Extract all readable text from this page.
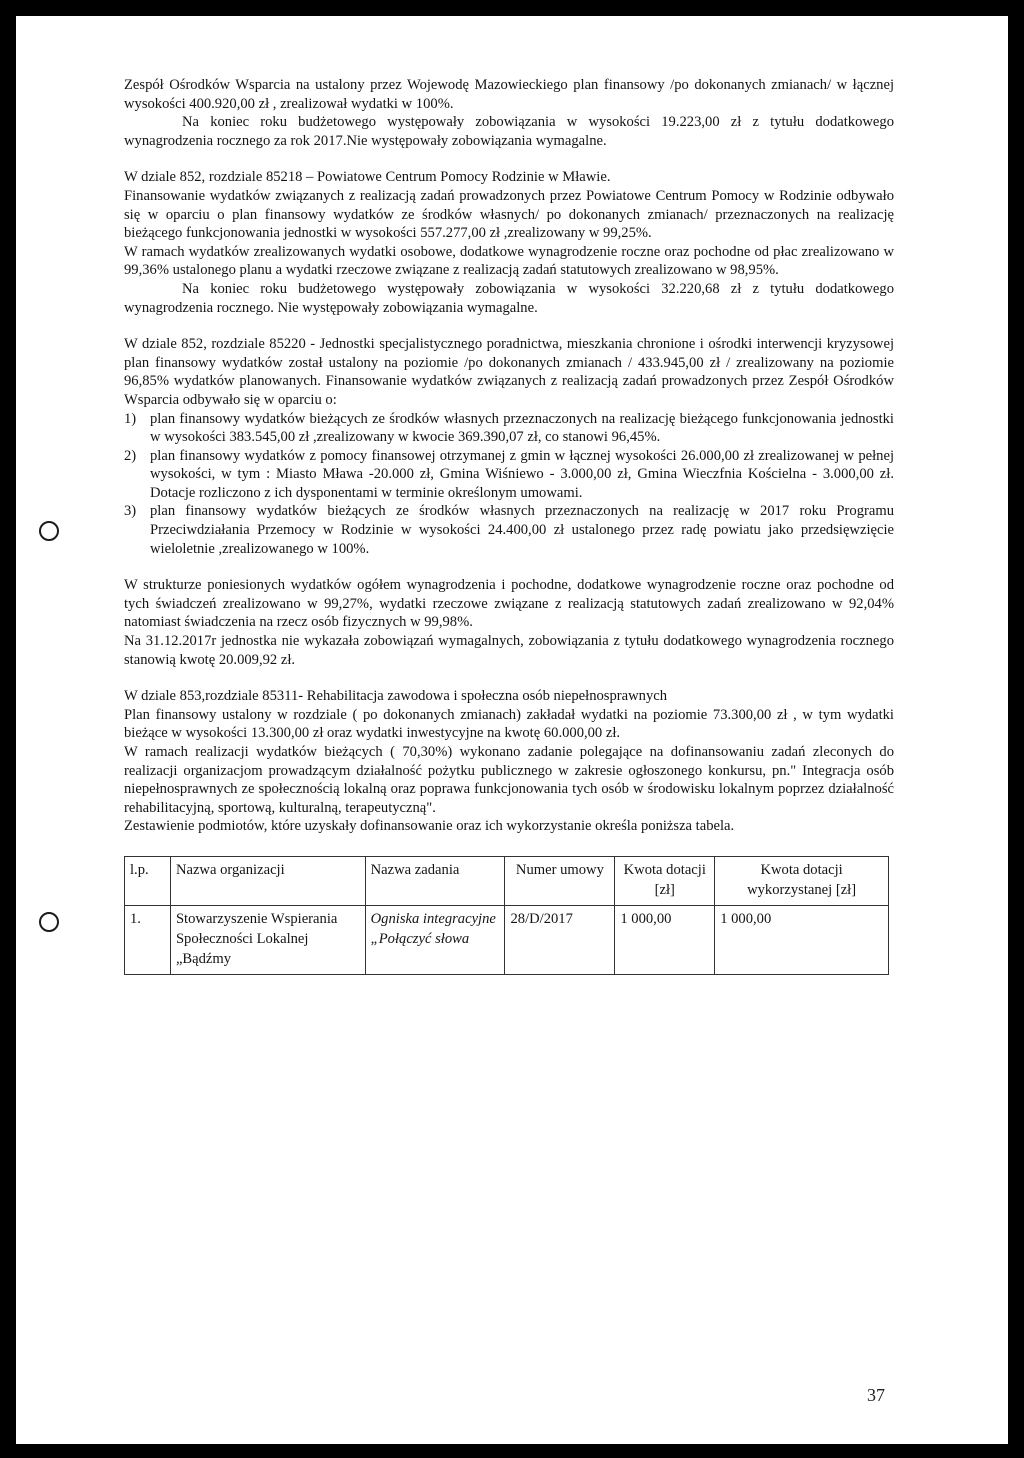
Zespół Ośrodków Wsparcia na ustalony przez Wojewodę Mazowieckiego plan finansowy /po dokonanych zmianach/ w łącznej wysokości 400.920,00 zł , zrealizował wydatki w 100%.

Na koniec roku budżetowego występowały zobowiązania w wysokości 19.223,00 zł z tytułu dodatkowego wynagrodzenia rocznego za rok 2017.Nie występowały zobowiązania wymagalne.

W dziale 852, rozdziale 85218 – Powiatowe Centrum Pomocy Rodzinie w Mławie.

Finansowanie wydatków związanych z realizacją zadań prowadzonych przez Powiatowe Centrum Pomocy w Rodzinie odbywało się w oparciu o plan finansowy wydatków ze środków własnych/ po dokonanych zmianach/ przeznaczonych na realizację bieżącego funkcjonowania jednostki w wysokości 557.277,00 zł ,zrealizowany w 99,25%.

W ramach wydatków zrealizowanych wydatki osobowe, dodatkowe wynagrodzenie roczne oraz pochodne od płac zrealizowano w 99,36% ustalonego planu a wydatki rzeczowe związane z realizacją zadań statutowych zrealizowano w 98,95%.

Na koniec roku budżetowego występowały zobowiązania w wysokości 32.220,68 zł z tytułu dodatkowego wynagrodzenia rocznego. Nie występowały zobowiązania wymagalne.

W dziale 852, rozdziale 85220 - Jednostki specjalistycznego poradnictwa, mieszkania chronione i ośrodki interwencji kryzysowej plan finansowy wydatków został ustalony na poziomie /po dokonanych zmianach / 433.945,00 zł / zrealizowany na poziomie 96,85% wydatków planowanych. Finansowanie wydatków związanych z realizacją zadań prowadzonych przez Zespół Ośrodków Wsparcia odbywało się w oparciu o:

1) plan finansowy wydatków bieżących ze środków własnych przeznaczonych na realizację bieżącego funkcjonowania jednostki w wysokości 383.545,00 zł ,zrealizowany w kwocie 369.390,07 zł, co stanowi 96,45%.
2) plan finansowy wydatków z pomocy finansowej otrzymanej z gmin w łącznej wysokości 26.000,00 zł zrealizowanej w pełnej wysokości, w tym : Miasto Mława -20.000 zł, Gmina Wiśniewo - 3.000,00 zł, Gmina Wieczfnia Kościelna - 3.000,00 zł. Dotacje rozliczono z ich dysponentami w terminie określonym umowami.
3) plan finansowy wydatków bieżących ze środków własnych przeznaczonych na realizację w 2017 roku Programu Przeciwdziałania Przemocy w Rodzinie w wysokości 24.400,00 zł ustalonego przez radę powiatu jako przedsięwzięcie wieloletnie ,zrealizowanego w 100%.

W strukturze poniesionych wydatków ogółem wynagrodzenia i pochodne, dodatkowe wynagrodzenie roczne oraz pochodne od tych świadczeń zrealizowano w 99,27%, wydatki rzeczowe związane z realizacją statutowych zadań zrealizowano w 92,04% natomiast świadczenia na rzecz osób fizycznych w 99,98%.

Na 31.12.2017r jednostka nie wykazała zobowiązań wymagalnych, zobowiązania z tytułu dodatkowego wynagrodzenia rocznego stanowią kwotę 20.009,92 zł.

W dziale 853,rozdziale 85311- Rehabilitacja zawodowa i społeczna osób niepełnosprawnych

Plan finansowy ustalony w rozdziale ( po dokonanych zmianach) zakładał wydatki na poziomie 73.300,00 zł , w tym wydatki bieżące w wysokości 13.300,00 zł oraz wydatki inwestycyjne na kwotę 60.000,00 zł.

W ramach realizacji wydatków bieżących ( 70,30%) wykonano zadanie polegające na dofinansowaniu zadań zleconych do realizacji organizacjom prowadzącym działalność pożytku publicznego w zakresie ogłoszonego konkursu, pn." Integracja osób niepełnosprawnych ze społecznością lokalną oraz poprawa funkcjonowania tych osób w środowisku lokalnym poprzez działalność rehabilitacyjną, sportową, kulturalną, terapeutyczną".

Zestawienie podmiotów, które uzyskały dofinansowanie oraz ich wykorzystanie określa poniższa tabela.

l.p.	Nazwa organizacji	Nazwa zadania	Numer umowy	Kwota dotacji [zł]	Kwota dotacji wykorzystanej [zł]
1.	Stowarzyszenie Wspierania Społeczności Lokalnej „Bądźmy	Ogniska integracyjne „Połączyć słowa	28/D/2017	1 000,00	1 000,00
37
